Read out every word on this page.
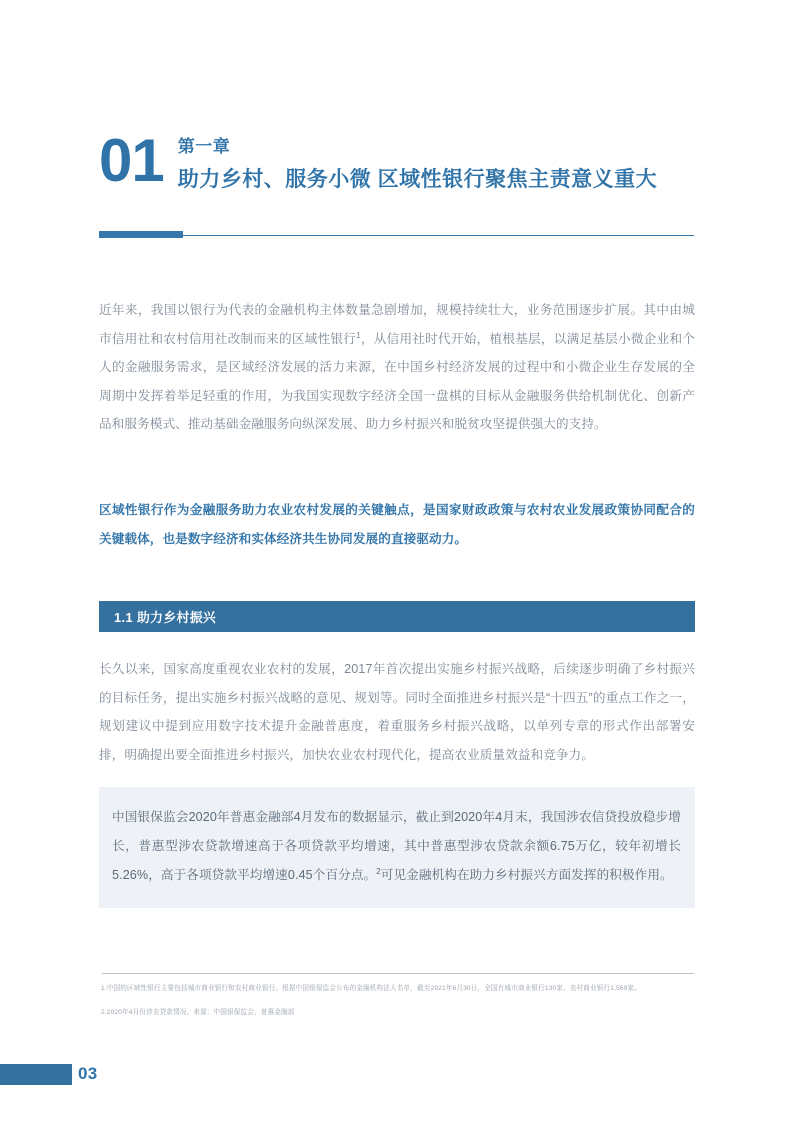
01 第一章
助力乡村、服务小微 区域性银行聚焦主责意义重大
近年来，我国以银行为代表的金融机构主体数量急剧增加，规模持续壮大，业务范围逐步扩展。其中由城市信用社和农村信用社改制而来的区域性银行$^1$，从信用社时代开始，植根基层，以满足基层小微企业和个人的金融服务需求，是区域经济发展的活力来源，在中国乡村经济发展的过程中和小微企业生存发展的全周期中发挥着举足轻重的作用，为我国实现数字经济全国一盘棋的目标从金融服务供给机制优化、创新产品和服务模式、推动基础金融服务向纵深发展、助力乡村振兴和脱贫攻坚提供强大的支持。
区域性银行作为金融服务助力农业农村发展的关键触点，是国家财政政策与农村农业发展政策协同配合的关键载体，也是数字经济和实体经济共生协同发展的直接驱动力。
1.1 助力乡村振兴
长久以来，国家高度重视农业农村的发展，2017年首次提出实施乡村振兴战略，后续逐步明确了乡村振兴的目标任务，提出实施乡村振兴战略的意见、规划等。同时全面推进乡村振兴是“十四五”的重点工作之一，规划建议中提到应用数字技术提升金融普惠度，着重服务乡村振兴战略，以单列专章的形式作出部署安排，明确提出要全面推进乡村振兴，加快农业农村现代化，提高农业质量效益和竞争力。
中国银保监会2020年普惠金融部4月发布的数据显示，截止到2020年4月末，我国涉农信贷投放稳步增长，普惠型涉农贷款增速高于各项贷款平均增速，其中普惠型涉农贷款余额6.75万亿，较年初增长5.26%，高于各项贷款平均增速0.45个百分点。$^2$可见金融机构在助力乡村振兴方面发挥的积极作用。
1.中国的区域性银行主要包括城市商业银行和农村商业银行。根据中国银保监会公布的金融机构法人名单，截至2021年6月30日，全国有城市商业银行130家、农村商业银行1,569家。
2.2020年4月份涉农贷款情况。来源：中国银保监会，普惠金融部
03
